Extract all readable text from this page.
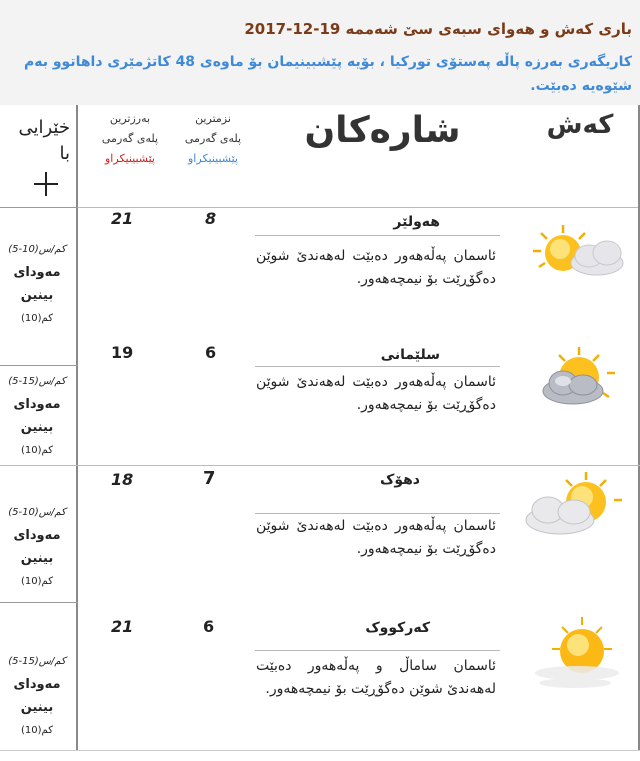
باری کەش و هەوای سبەی سێ شەممە 19-12-2017
کاریگەری بەرزە پاڵە پەستۆی تورکیا ، بۆیە پێشبینیمان بۆ ماوەی 48 کاتژمێری داهاتوو بەم شێوەیە دەبێت.
کەش
شارەکان
نزمترین
پلەی گەرمی
پێشبینیکراو
بەرزترین
پلەی گەرمی
پێشبینیکراو
خێرایی
با
21	8	هەولێر
ئاسمان پەڵەهەور دەبێت لەهەندێ شوێن دەگۆڕێت بۆ نیمچەهەور.
(5-10)کم/س
مەودای بینین
(10)کم
19	6	سلێمانی
ئاسمان پەڵەهەور دەبێت لەهەندێ شوێن دەگۆڕێت بۆ نیمچەهەور.
(5-15)کم/س
مەودای بینین
(10)کم
18	7	دهۆک
ئاسمان پەڵەهەور دەبێت لەهەندێ شوێن دەگۆڕێت بۆ نیمچەهەور.
(5-10)کم/س
مەودای بینین
(10)کم
21	6	کەرکووک
ئاسمان ساماڵ و پەڵەهەور دەبێت لەهەندێ شوێن دەگۆڕێت بۆ نیمچەهەور.
(5-15)کم/س
مەودای بینین
(10)کم
